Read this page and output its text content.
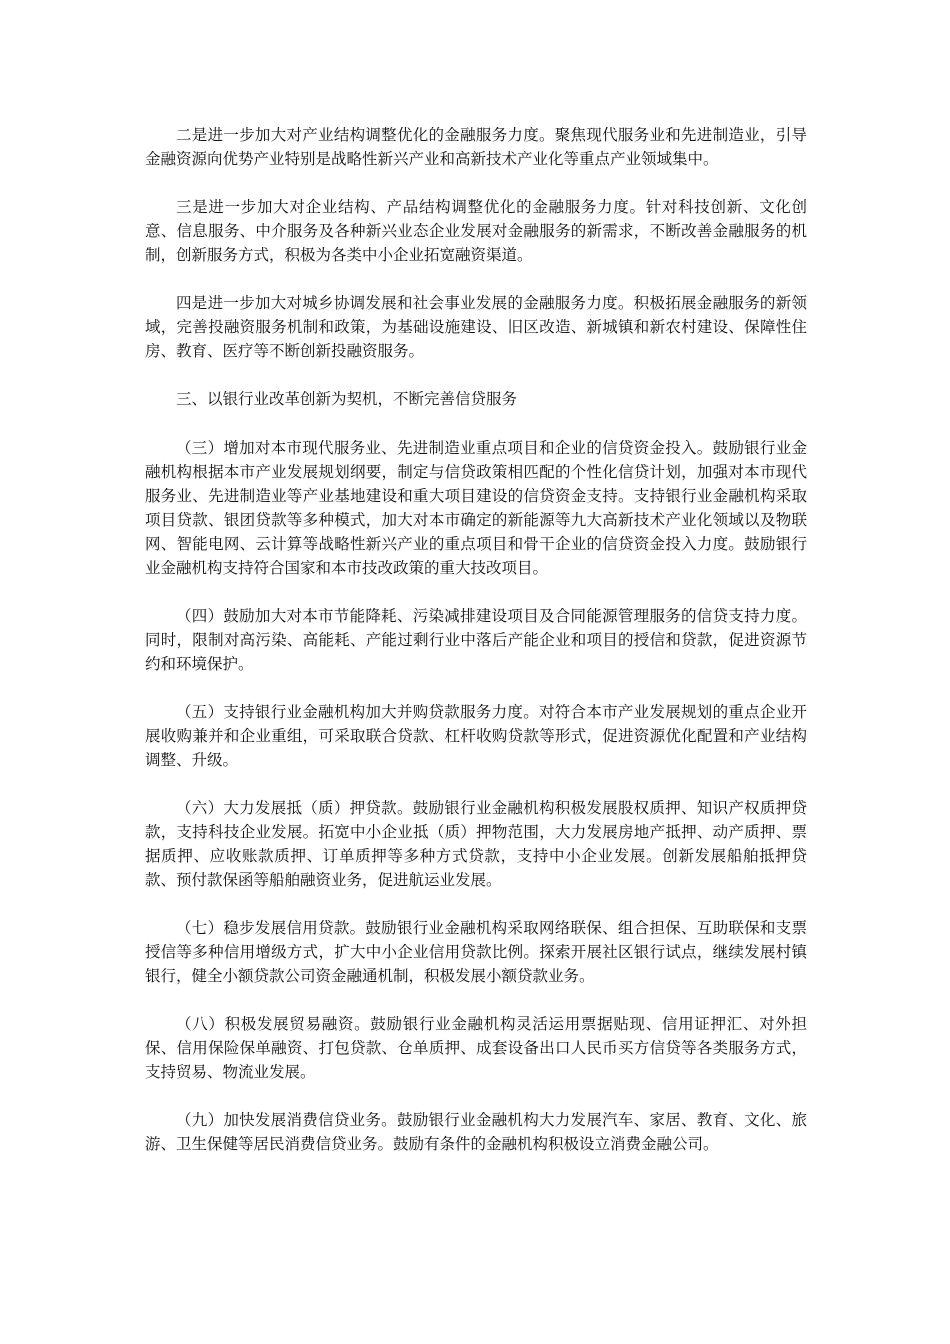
二是进一步加大对产业结构调整优化的金融服务力度。聚焦现代服务业和先进制造业，引导金融资源向优势产业特别是战略性新兴产业和高新技术产业化等重点产业领域集中。

三是进一步加大对企业结构、产品结构调整优化的金融服务力度。针对科技创新、文化创意、信息服务、中介服务及各种新兴业态企业发展对金融服务的新需求，不断改善金融服务的机制，创新服务方式，积极为各类中小企业拓宽融资渠道。

四是进一步加大对城乡协调发展和社会事业发展的金融服务力度。积极拓展金融服务的新领域，完善投融资服务机制和政策，为基础设施建设、旧区改造、新城镇和新农村建设、保障性住房、教育、医疗等不断创新投融资服务。

三、以银行业改革创新为契机，不断完善信贷服务

（三）增加对本市现代服务业、先进制造业重点项目和企业的信贷资金投入。鼓励银行业金融机构根据本市产业发展规划纲要，制定与信贷政策相匹配的个性化信贷计划，加强对本市现代服务业、先进制造业等产业基地建设和重大项目建设的信贷资金支持。支持银行业金融机构采取项目贷款、银团贷款等多种模式，加大对本市确定的新能源等九大高新技术产业化领域以及物联网、智能电网、云计算等战略性新兴产业的重点项目和骨干企业的信贷资金投入力度。鼓励银行业金融机构支持符合国家和本市技改政策的重大技改项目。

（四）鼓励加大对本市节能降耗、污染减排建设项目及合同能源管理服务的信贷支持力度。同时，限制对高污染、高能耗、产能过剩行业中落后产能企业和项目的授信和贷款，促进资源节约和环境保护。

（五）支持银行业金融机构加大并购贷款服务力度。对符合本市产业发展规划的重点企业开展收购兼并和企业重组，可采取联合贷款、杠杆收购贷款等形式，促进资源优化配置和产业结构调整、升级。

（六）大力发展抵（质）押贷款。鼓励银行业金融机构积极发展股权质押、知识产权质押贷款，支持科技企业发展。拓宽中小企业抵（质）押物范围，大力发展房地产抵押、动产质押、票据质押、应收账款质押、订单质押等多种方式贷款，支持中小企业发展。创新发展船舶抵押贷款、预付款保函等船舶融资业务，促进航运业发展。

（七）稳步发展信用贷款。鼓励银行业金融机构采取网络联保、组合担保、互助联保和支票授信等多种信用增级方式，扩大中小企业信用贷款比例。探索开展社区银行试点，继续发展村镇银行，健全小额贷款公司资金融通机制，积极发展小额贷款业务。

（八）积极发展贸易融资。鼓励银行业金融机构灵活运用票据贴现、信用证押汇、对外担保、信用保险保单融资、打包贷款、仓单质押、成套设备出口人民币买方信贷等各类服务方式，支持贸易、物流业发展。

（九）加快发展消费信贷业务。鼓励银行业金融机构大力发展汽车、家居、教育、文化、旅游、卫生保健等居民消费信贷业务。鼓励有条件的金融机构积极设立消费金融公司。
